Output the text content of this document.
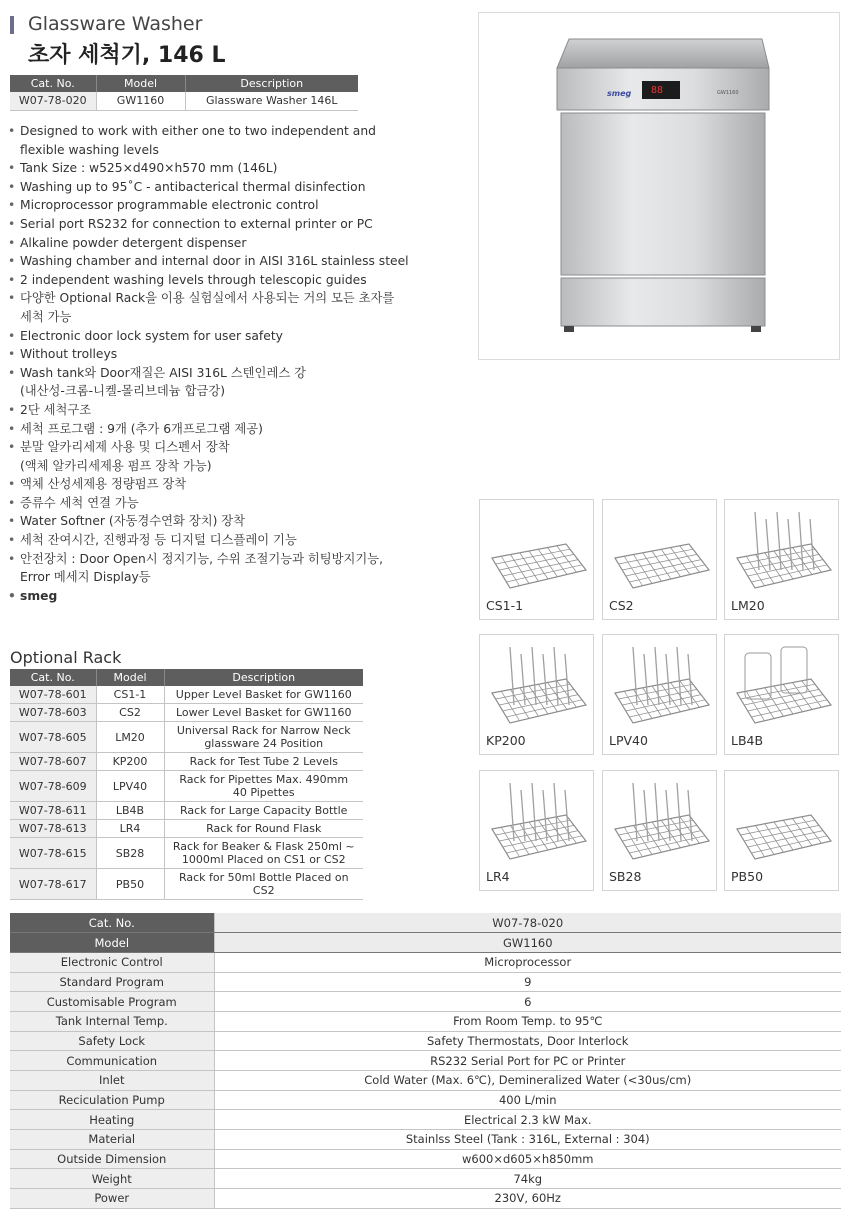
Glassware Washer
초자 세척기, 146 L
Cat. No.	Model	Description
W07-78-020	GW1160	Glassware Washer 146L
• Designed to work with either one to two independent and
flexible washing levels
• Tank Size : w525×d490×h570 mm (146L)
• Washing up to 95˚C - antibacterical thermal disinfection
• Microprocessor programmable electronic control
• Serial port RS232 for connection to external printer or PC
• Alkaline powder detergent dispenser
• Washing chamber and internal door in AISI 316L stainless steel
• 2 independent washing levels through telescopic guides
• 다양한 Optional Rack을 이용 실험실에서 사용되는 거의 모든 초자를
세척 가능
• Electronic door lock system for user safety
• Without trolleys
• Wash tank와 Door재질은 AISI 316L 스텐인레스 강
(내산성-크롬-니켈-몰리브데늄 합금강)
• 2단 세척구조
• 세척 프로그램 : 9개 (추가 6개프로그램 제공)
• 분말 알카리세제 사용 및 디스펜서 장착
(액체 알카리세제용 펌프 장착 가능)
• 액체 산성세제용 정량펌프 장착
• 증류수 세척 연결 가능
• Water Softner (자동경수연화 장치) 장착
• 세척 잔여시간, 진행과정 등 디지털 디스플레이 기능
• 안전장치 : Door Open시 정지기능, 수위 조절기능과 히팅방지기능,
Error 메세지 Display등
• smeg
smeg 88	GW1160
Optional Rack
Cat. No.	Model	Description
W07-78-601	CS1-1	Upper Level Basket for GW1160
W07-78-603	CS2	Lower Level Basket for GW1160
W07-78-605	LM20	Universal Rack for Narrow Neck
glassware 24 Position
W07-78-607	KP200	Rack for Test Tube 2 Levels
W07-78-609	LPV40	Rack for Pipettes Max. 490mm
40 Pipettes
W07-78-611	LB4B	Rack for Large Capacity Bottle
W07-78-613	LR4	Rack for Round Flask
W07-78-615	SB28	Rack for Beaker & Flask 250ml ~
1000ml Placed on CS1 or CS2
W07-78-617	PB50	Rack for 50ml Bottle Placed on CS2
CS1-1	CS2	LM20
KP200	LPV40	LB4B
LR4	SB28	PB50
Cat. No.	W07-78-020
Model	GW1160
Electronic Control	Microprocessor
Standard Program	9
Customisable Program	6
Tank Internal Temp.	From Room Temp. to 95℃
Safety Lock	Safety Thermostats, Door Interlock
Communication	RS232 Serial Port for PC or Printer
Inlet	Cold Water (Max. 6℃), Demineralized Water (<30us/cm)
Reciculation Pump	400 L/min
Heating	Electrical 2.3 kW Max.
Material	Stainlss Steel (Tank : 316L, External : 304)
Outside Dimension	w600×d605×h850mm
Weight	74kg
Power	230V, 60Hz
